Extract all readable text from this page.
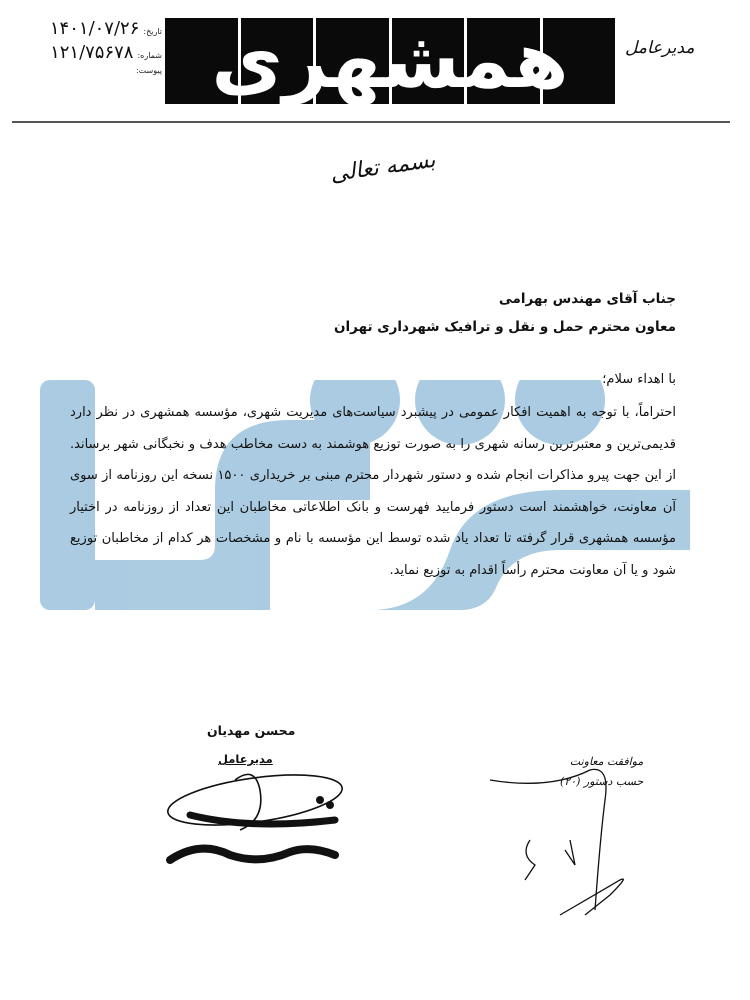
تاریخ:
۱۴۰۱/۰۷/۲۶
شماره:
۱۲۱/۷۵۶۷۸
پیوست: همشهری	مدیرعامل
بسمه تعالی
جناب آقای مهندس بهرامی
معاون محترم حمل و نقل و ترافیک شهرداری تهران
با اهداء سلام؛

احتراماً، با توجه به اهمیت افکار عمومی در پیشبرد سیاست‌های مدیریت شهری، مؤسسه همشهری در نظر دارد قدیمی‌ترین و معتبرترین رسانه شهری را به صورت توزیع هوشمند به دست مخاطب هدف و نخبگانی شهر برساند. از این جهت پیرو مذاکرات انجام شده و دستور شهردار محترم مبنی بر خریداری ۱۵۰۰ نسخه این روزنامه از سوی آن معاونت، خواهشمند است دستور فرمایید فهرست و بانک اطلاعاتی مخاطبان این تعداد از روزنامه در اختیار مؤسسه همشهری قرار گرفته تا تعداد یاد شده توسط این مؤسسه با نام و مشخصات هر کدام از مخاطبان توزیع شود و یا آن معاونت محترم رأساً اقدام به توزیع نماید.

محسن مهدیان
مدیرعامل	موافقت معاونت
حسب دستور (۲۰)
